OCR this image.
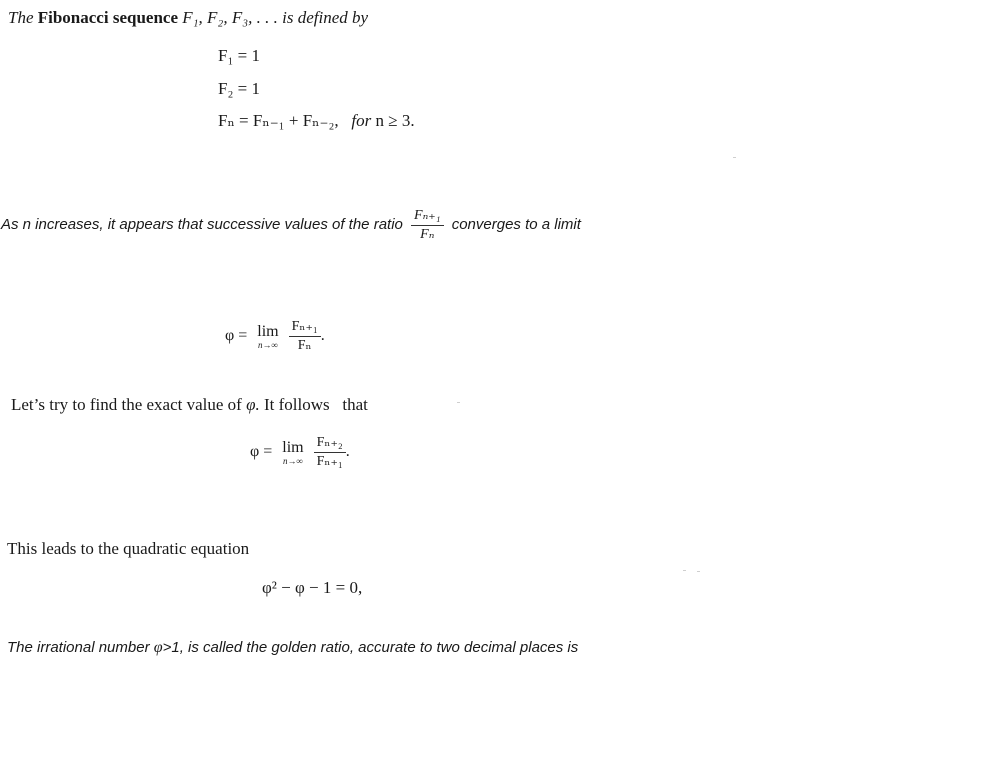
The Fibonacci sequence F₁, F₂, F₃, . . . is defined by
F₁ = 1
F₂ = 1
Fₙ = Fₙ₋₁ + Fₙ₋₂, for n ≥ 3.
As n increases, it appears that successive values of the ratio $\frac{\text{Fₙ₊₁}}{\text{Fₙ}}$ converges to a limit
φ = lim
n→∞
$\frac{\text{Fₙ₊₁}}{\text{Fₙ}}$ .
Let’s try to find the exact value of φ. It follows that
φ = lim
n→∞
$\frac{\text{Fₙ₊₂}}{\text{Fₙ₊₁}}$ .
This leads to the quadratic equation
φ² − φ − 1 = 0,
The irrational number φ>1, is called the golden ratio, accurate to two decimal places is
